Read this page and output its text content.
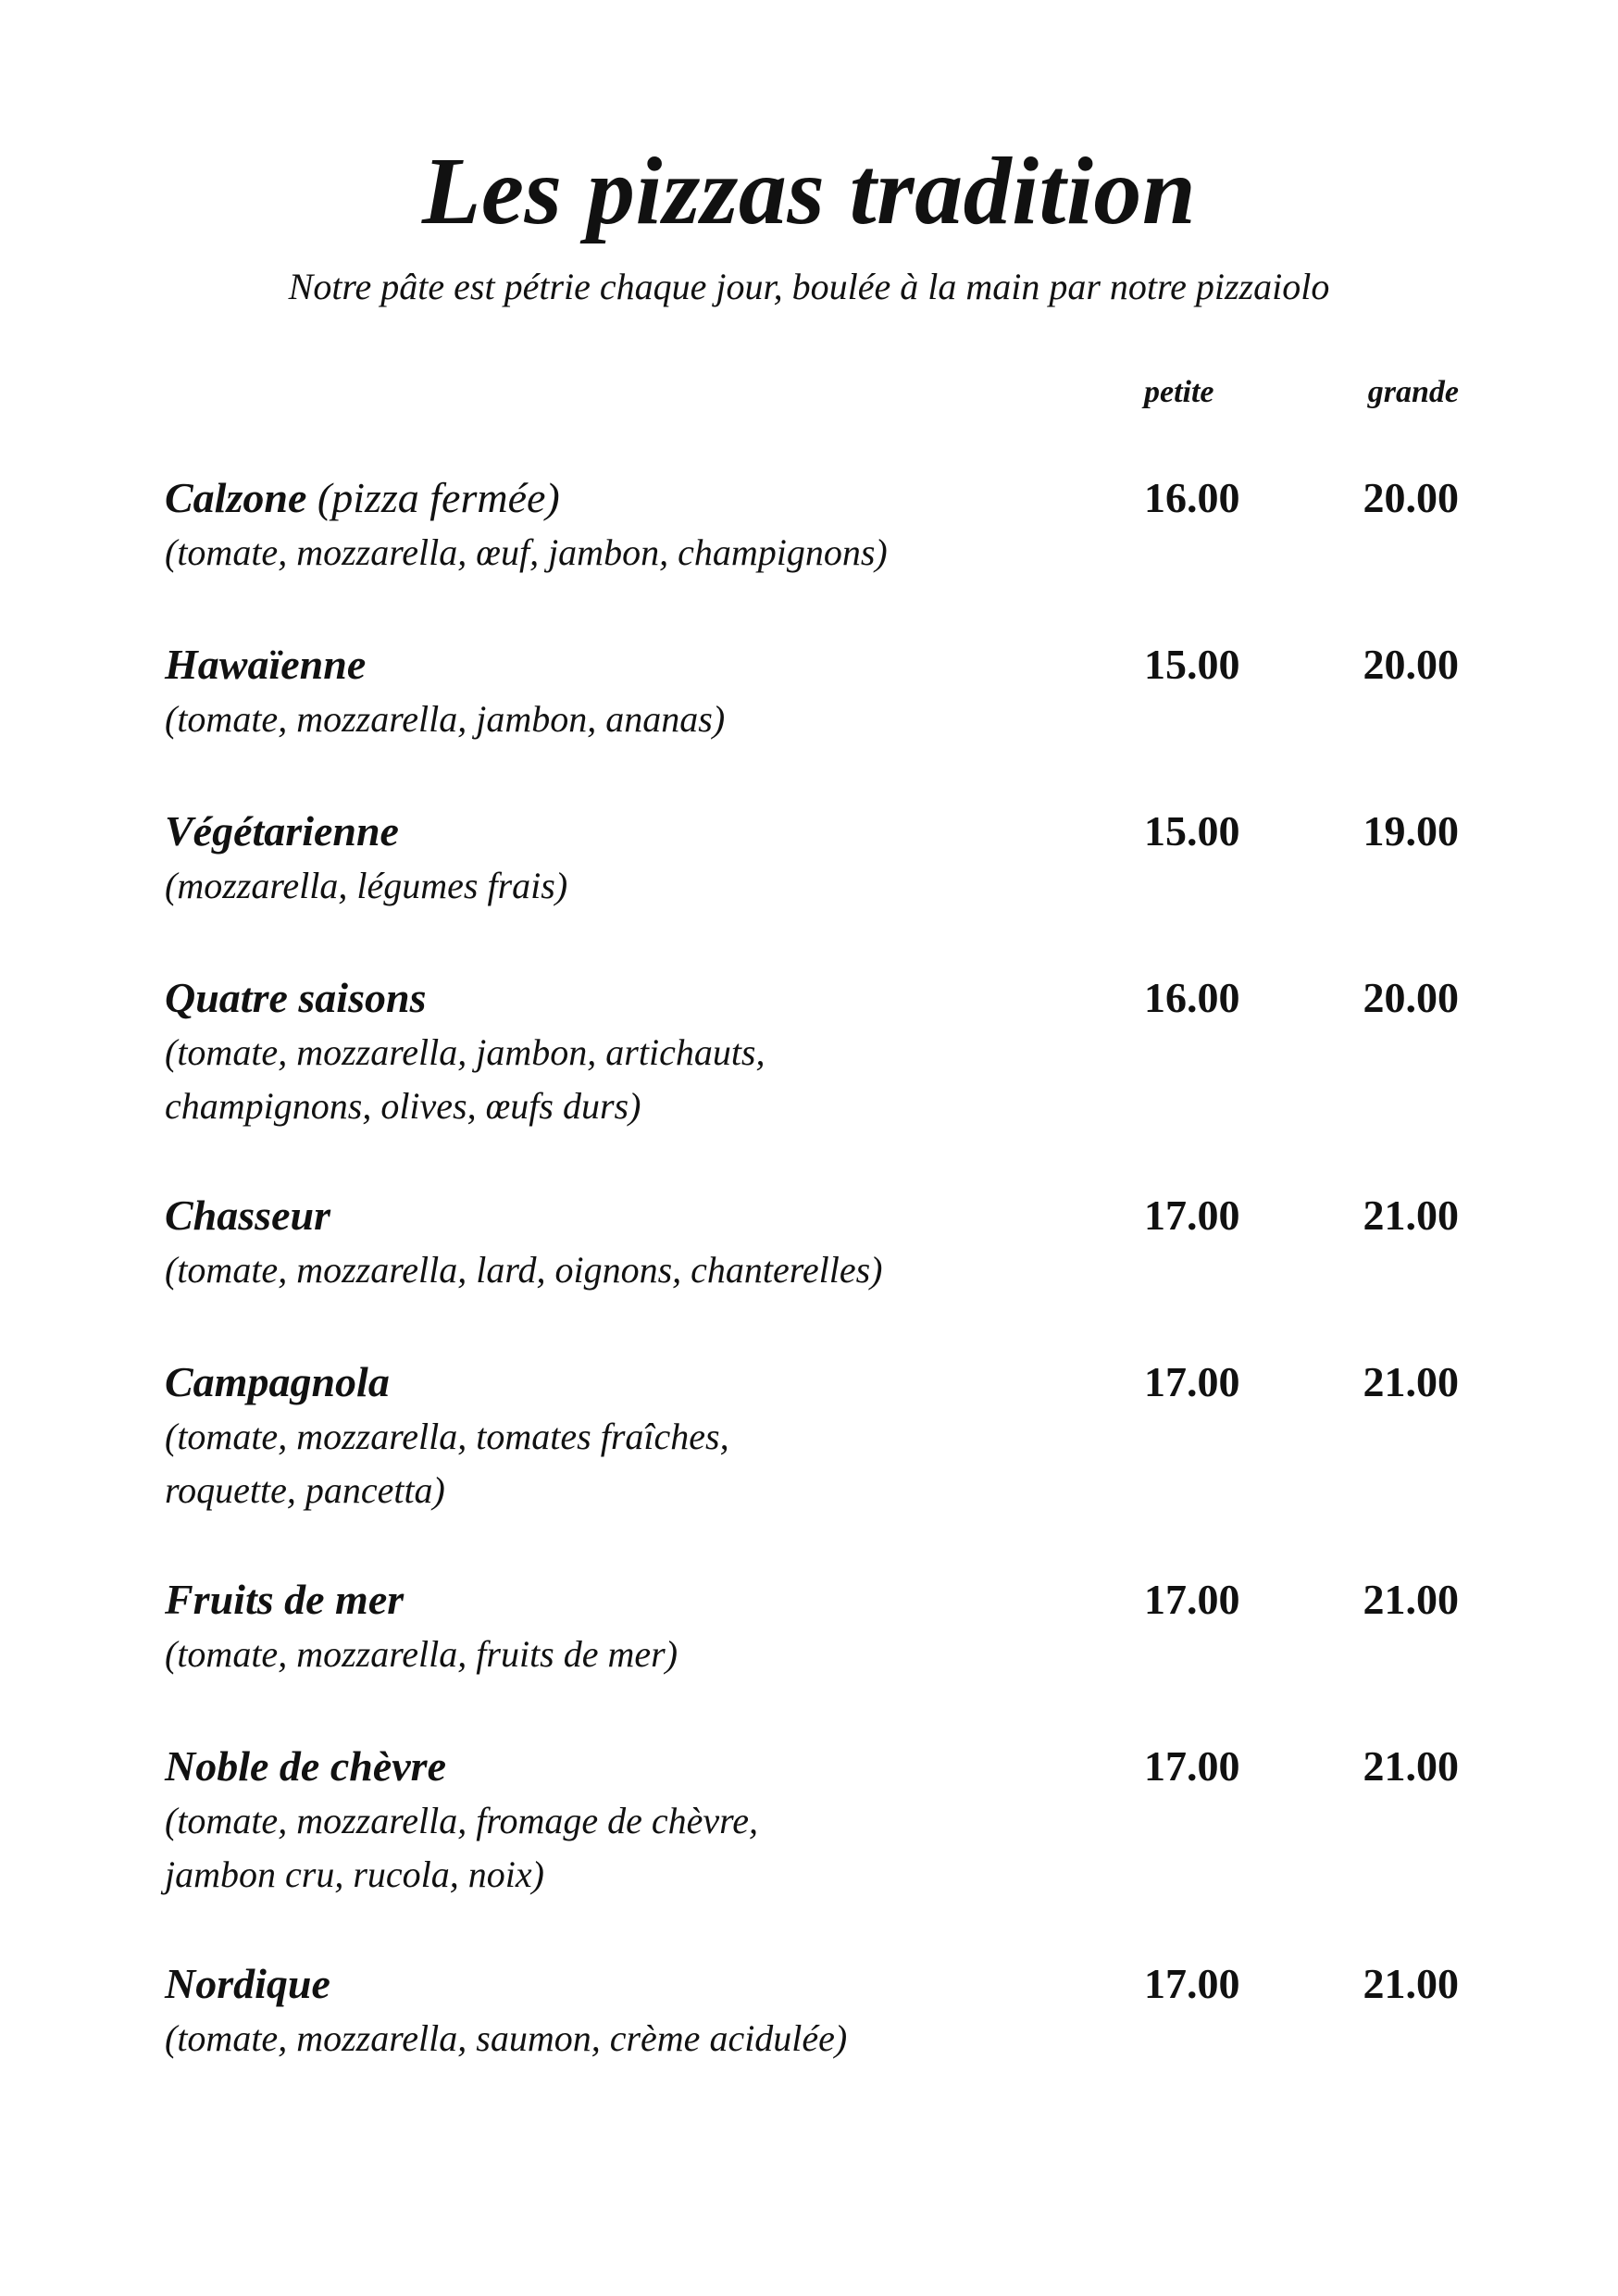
Les pizzas tradition
Notre pâte est pétrie chaque jour, boulée à la main par notre pizzaiolo
petite	grande
Calzone (pizza fermée)
(tomate, mozzarella, œuf, jambon, champignons)
16.00	20.00
Hawaïenne
(tomate, mozzarella, jambon, ananas)
15.00	20.00
Végétarienne
(mozzarella, légumes frais)
15.00	19.00
Quatre saisons
(tomate, mozzarella, jambon, artichauts,
champignons, olives, œufs durs)
16.00	20.00
Chasseur
(tomate, mozzarella, lard, oignons, chanterelles)
17.00	21.00
Campagnola
(tomate, mozzarella, tomates fraîches,
roquette, pancetta)
17.00	21.00
Fruits de mer
(tomate, mozzarella, fruits de mer)
17.00	21.00
Noble de chèvre
(tomate, mozzarella, fromage de chèvre,
jambon cru, rucola, noix)
17.00	21.00
Nordique
(tomate, mozzarella, saumon, crème acidulée)
17.00	21.00
